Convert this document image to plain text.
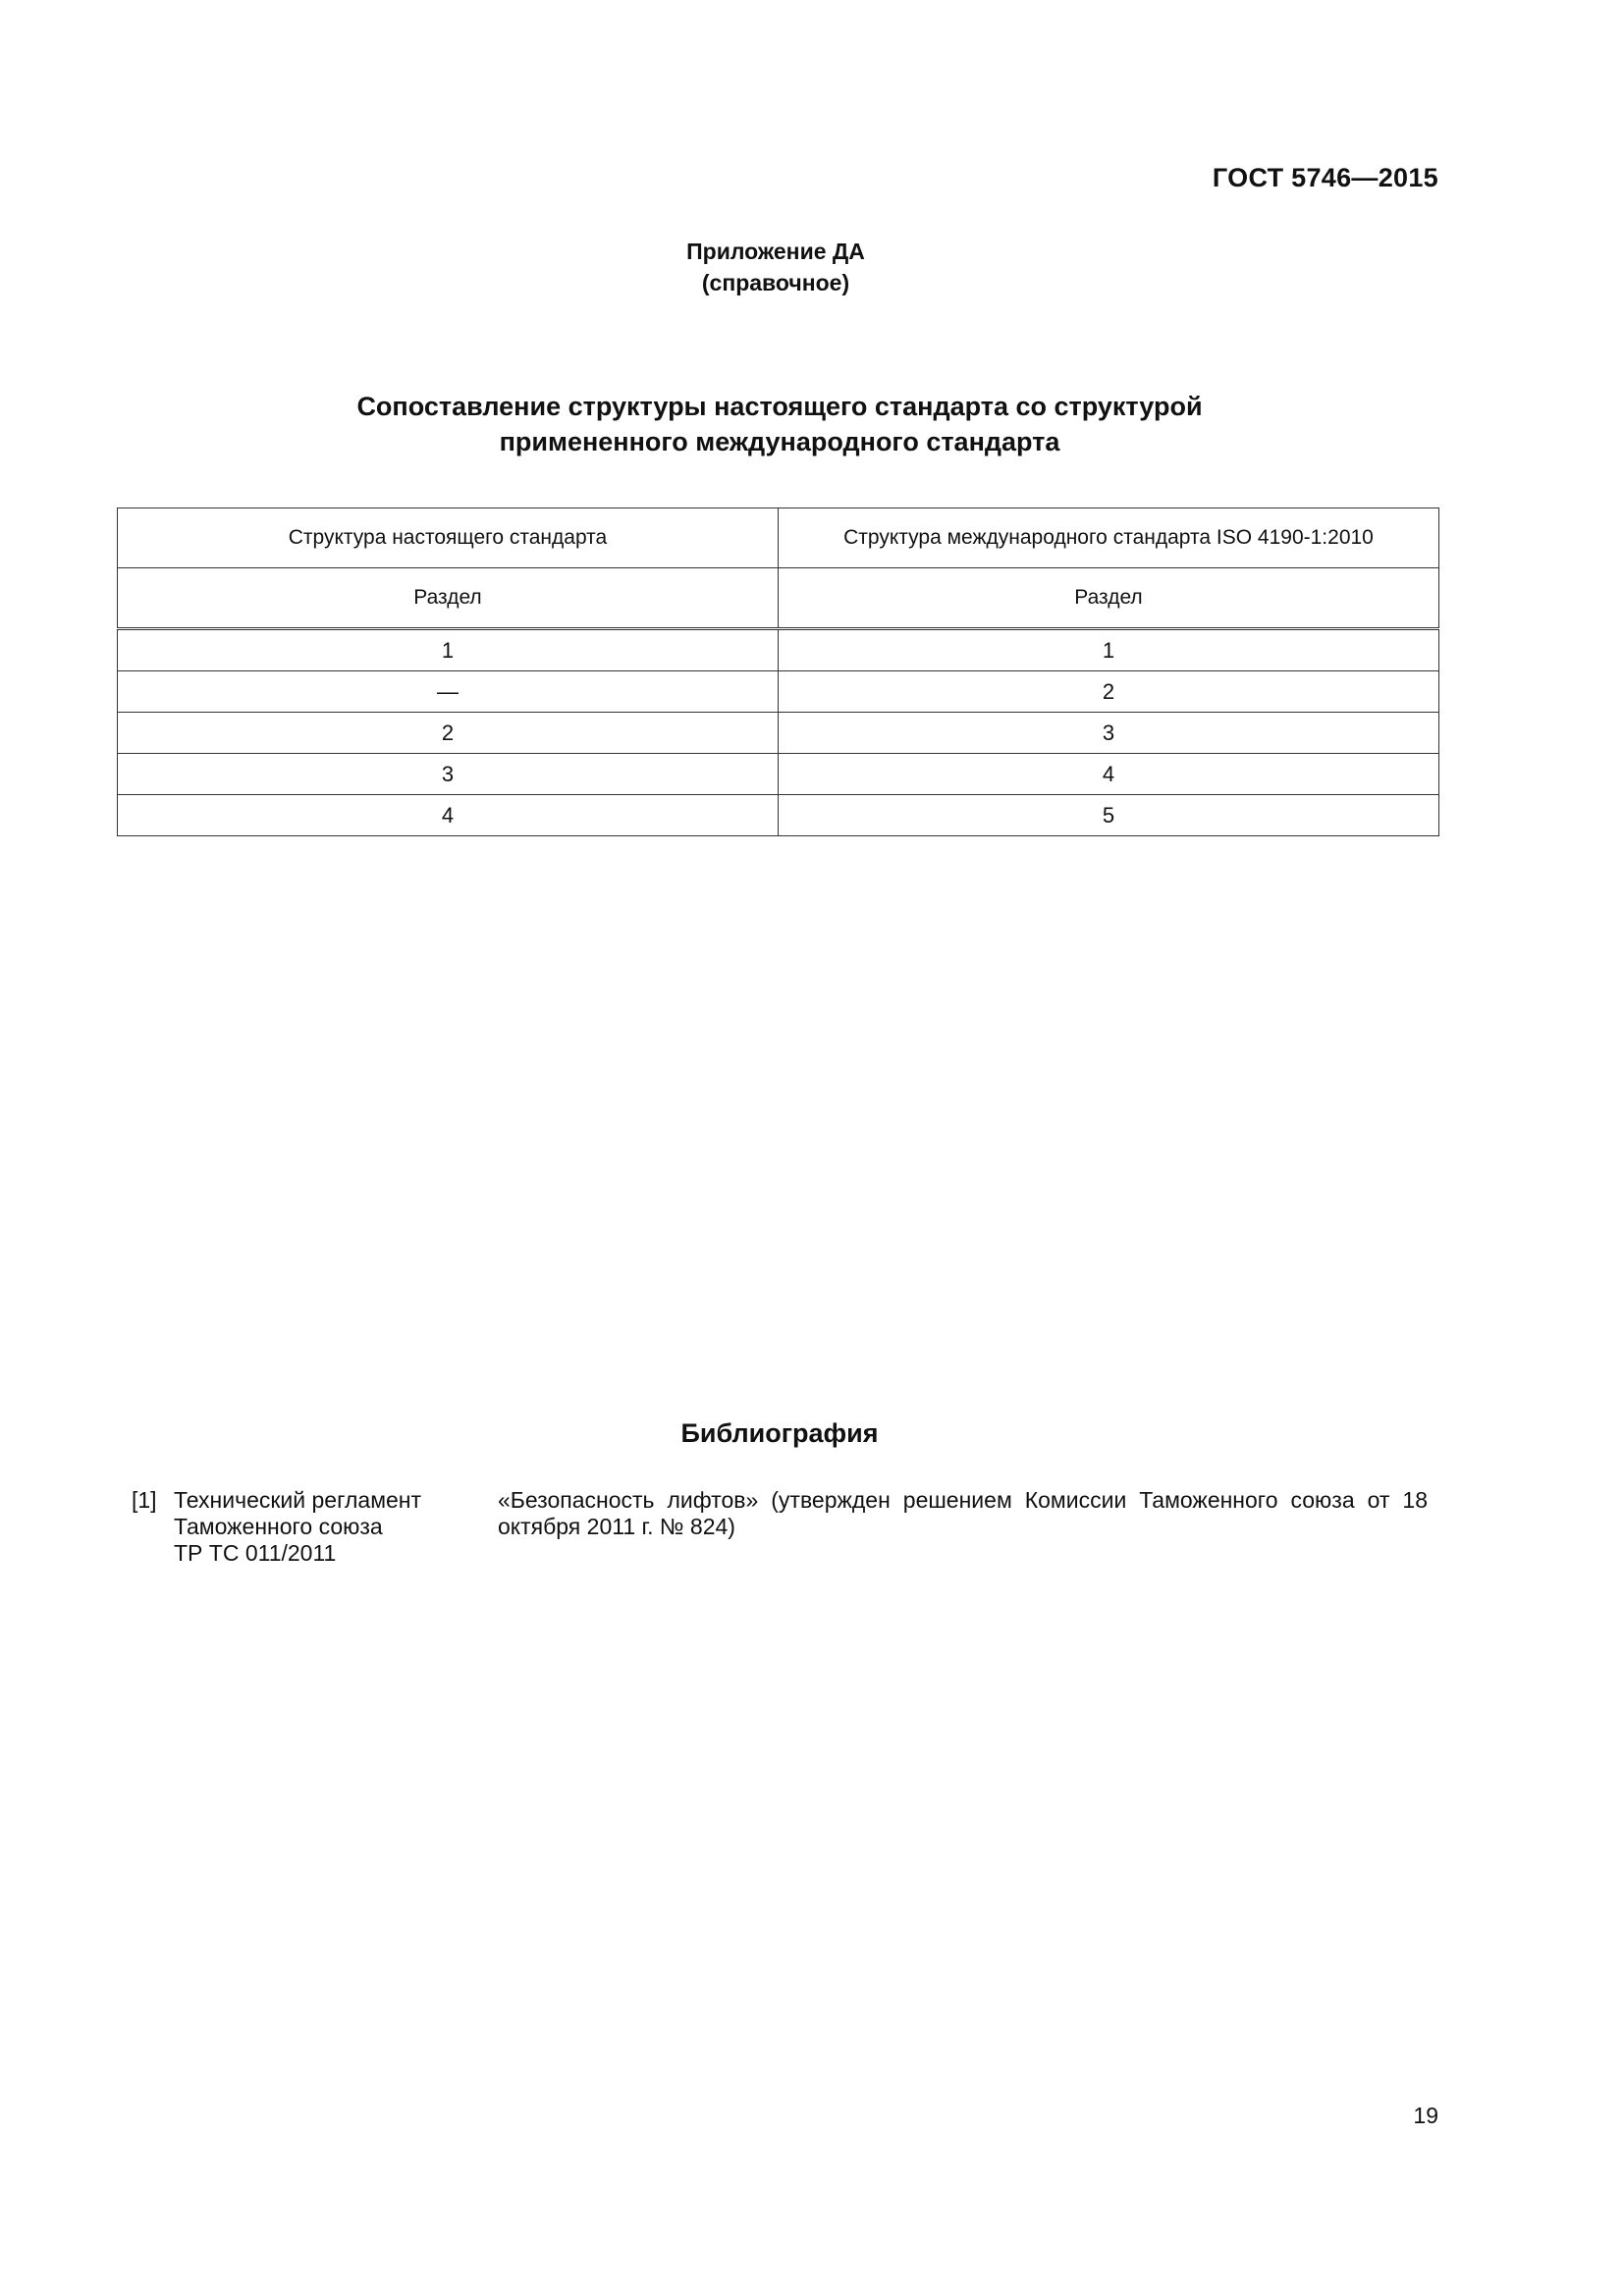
ГОСТ 5746—2015
Приложение ДА
(справочное)
Сопоставление структуры настоящего стандарта со структурой
примененного международного стандарта
Структура настоящего стандарта	Структура международного стандарта ISO 4190-1:2010
Раздел	Раздел
1	1
—	2
2	3
3	4
4	5
Библиография
[1] Технический регламент
Таможенного союза
ТР ТС 011/2011
«Безопасность лифтов» (утвержден решением Комиссии Таможенного союза от 18 октября 2011 г. № 824)
19
